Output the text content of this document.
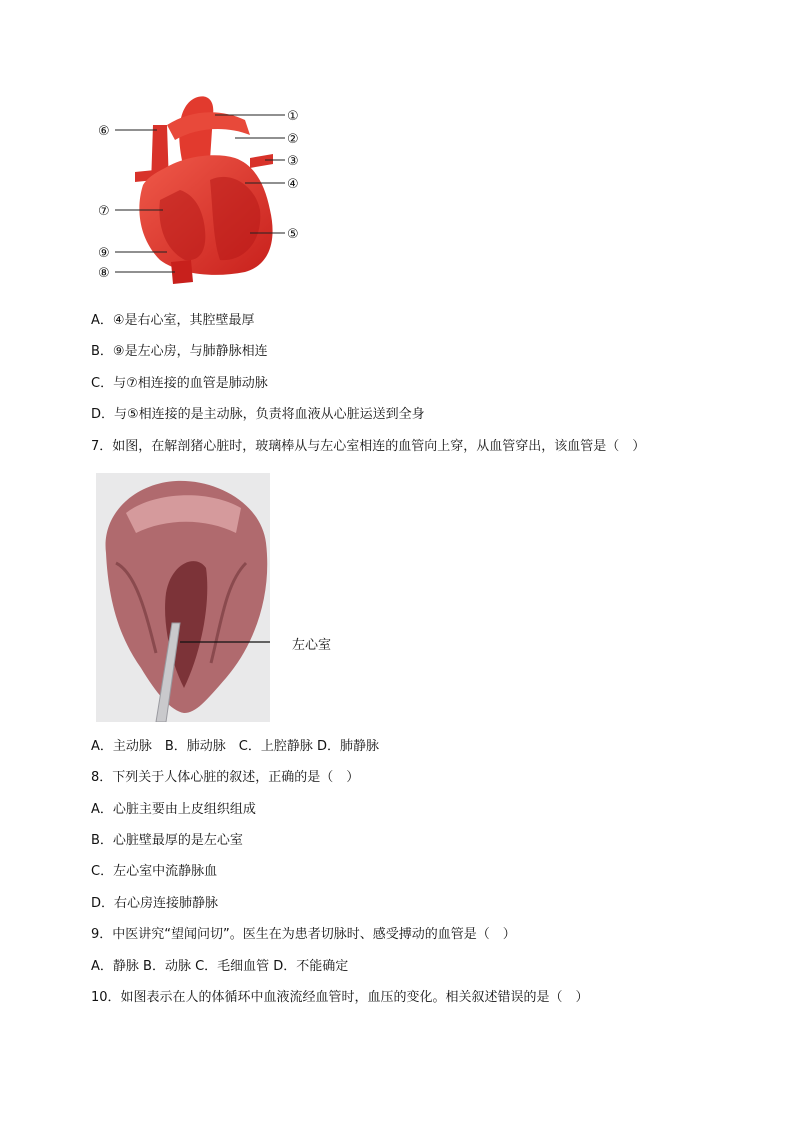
①
②
③
④
⑤
⑥
⑦
⑧
⑨
A．④是右心室，其腔壁最厚
B．⑨是左心房，与肺静脉相连
C．与⑦相连接的血管是肺动脉
D．与⑤相连接的是主动脉，负责将血液从心脏运送到全身
7．如图，在解剖猪心脏时，玻璃棒从与左心室相连的血管向上穿，从血管穿出，该血管是（　）
左心室
A．主动脉　B．肺动脉　C．上腔静脉 D．肺静脉
8．下列关于人体心脏的叙述，正确的是（　）
A．心脏主要由上皮组织组成
B．心脏壁最厚的是左心室
C．左心室中流静脉血
D．右心房连接肺静脉
9．中医讲究“望闻问切”。医生在为患者切脉时、感受搏动的血管是（　）
A．静脉 B．动脉 C．毛细血管 D．不能确定
10．如图表示在人的体循环中血液流经血管时，血压的变化。相关叙述错误的是（　）
